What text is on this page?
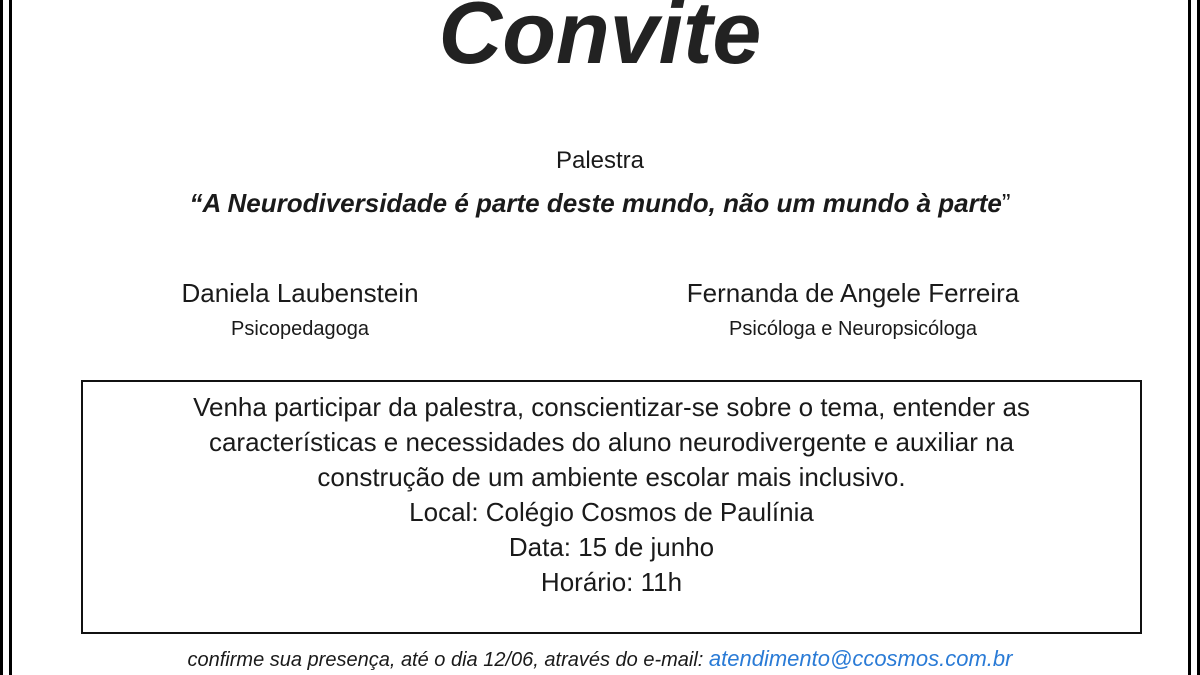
Convite
Palestra
“A Neurodiversidade é parte deste mundo, não um mundo à parte”
Daniela Laubenstein
Psicopedagoga
Fernanda de Angele Ferreira
Psicóloga e Neuropsicóloga
Venha participar da palestra, conscientizar-se sobre o tema, entender as
características e necessidades do aluno neurodivergente e auxiliar na
construção de um ambiente escolar mais inclusivo.
Local: Colégio Cosmos de Paulínia
Data: 15 de junho
Horário: 11h
confirme sua presença, até o dia 12/06, através do e-mail: atendimento@ccosmos.com.br
